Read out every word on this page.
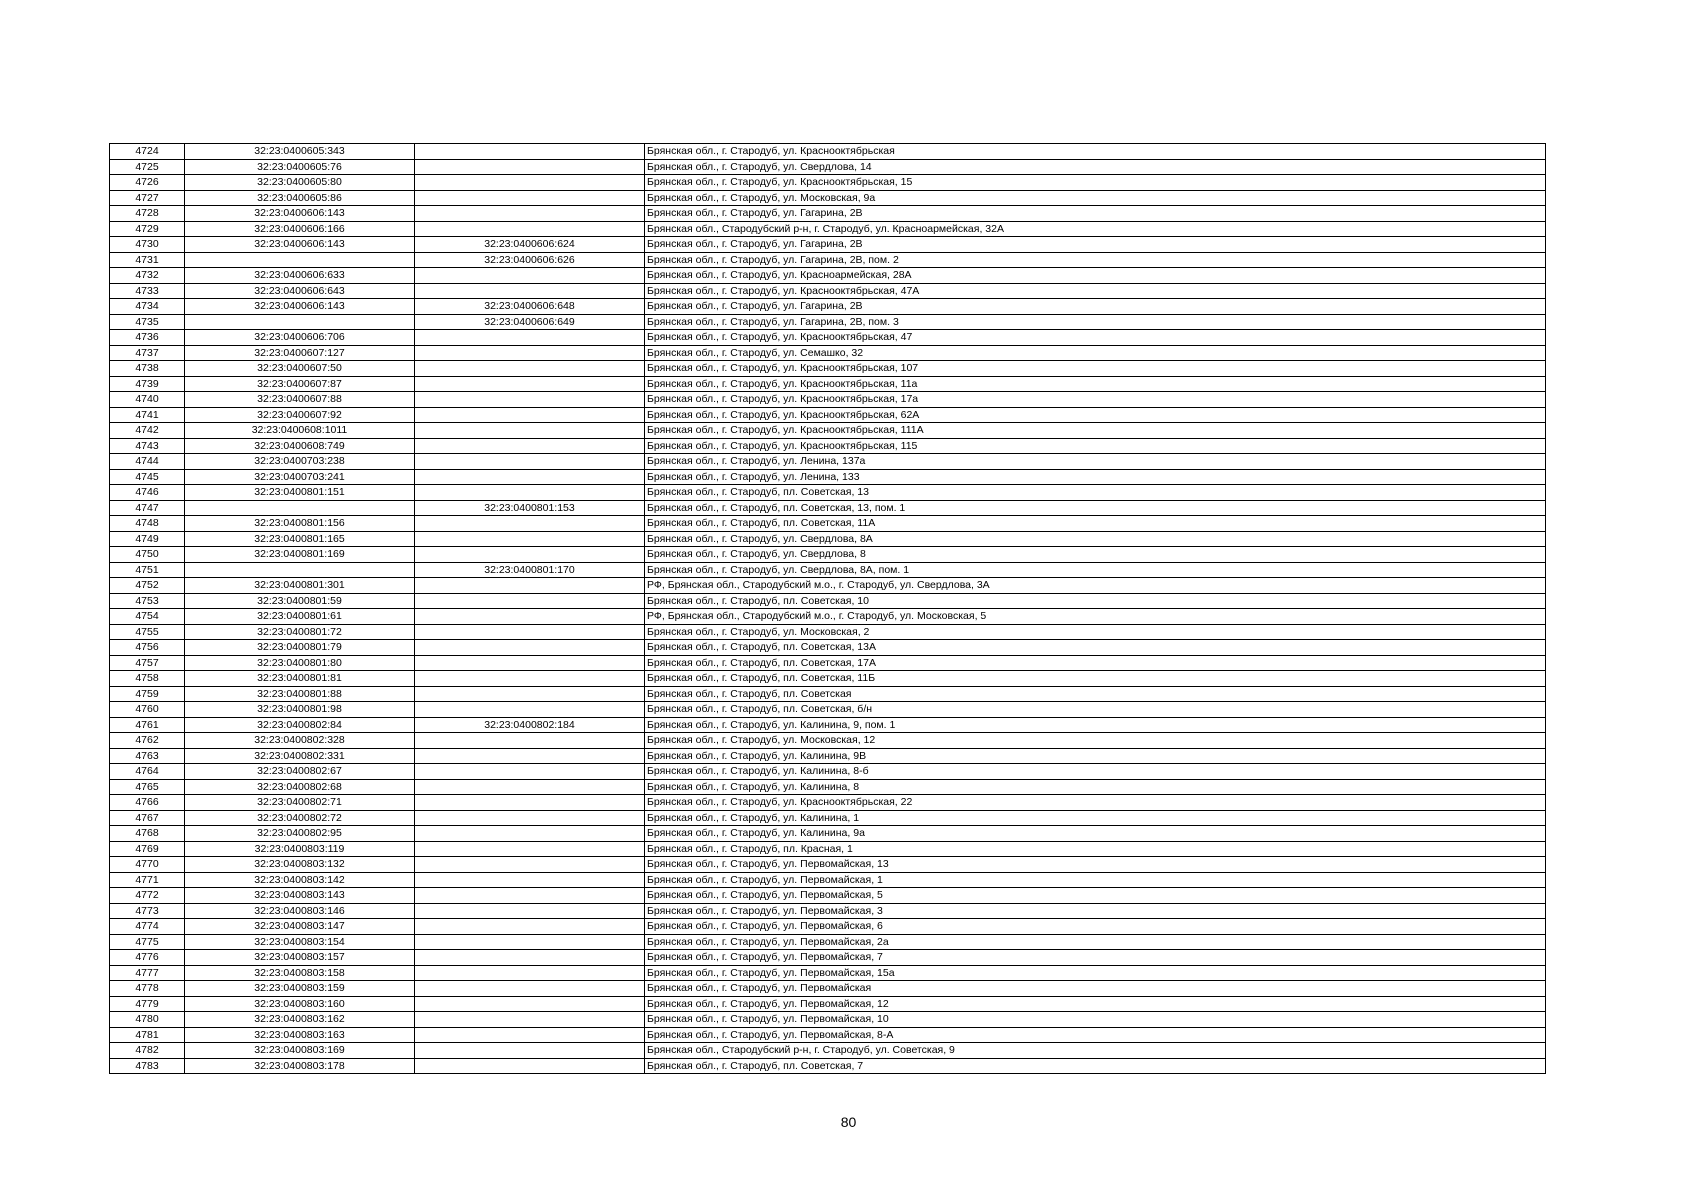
4724	32:23:0400605:343		Брянская обл., г. Стародуб, ул. Краснооктябрьская
4725	32:23:0400605:76		Брянская обл., г. Стародуб, ул. Свердлова, 14
4726	32:23:0400605:80		Брянская обл., г. Стародуб, ул. Краснооктябрьская, 15
4727	32:23:0400605:86		Брянская обл., г. Стародуб, ул. Московская, 9а
4728	32:23:0400606:143		Брянская обл., г. Стародуб, ул. Гагарина, 2В
4729	32:23:0400606:166		Брянская обл., Стародубский р-н, г. Стародуб, ул. Красноармейская, 32А
4730	32:23:0400606:143	32:23:0400606:624	Брянская обл., г. Стародуб, ул. Гагарина, 2В
4731		32:23:0400606:626	Брянская обл., г. Стародуб, ул. Гагарина, 2В, пом. 2
4732	32:23:0400606:633		Брянская обл., г. Стародуб, ул. Красноармейская, 28А
4733	32:23:0400606:643		Брянская обл., г. Стародуб, ул. Краснооктябрьская, 47А
4734	32:23:0400606:143	32:23:0400606:648	Брянская обл., г. Стародуб, ул. Гагарина, 2В
4735		32:23:0400606:649	Брянская обл., г. Стародуб, ул. Гагарина, 2В, пом. 3
4736	32:23:0400606:706		Брянская обл., г. Стародуб, ул. Краснооктябрьская, 47
4737	32:23:0400607:127		Брянская обл., г. Стародуб, ул. Семашко, 32
4738	32:23:0400607:50		Брянская обл., г. Стародуб, ул. Краснооктябрьская, 107
4739	32:23:0400607:87		Брянская обл., г. Стародуб, ул. Краснооктябрьская, 11а
4740	32:23:0400607:88		Брянская обл., г. Стародуб, ул. Краснооктябрьская, 17а
4741	32:23:0400607:92		Брянская обл., г. Стародуб, ул. Краснооктябрьская, 62А
4742	32:23:0400608:1011		Брянская обл., г. Стародуб, ул. Краснооктябрьская, 111А
4743	32:23:0400608:749		Брянская обл., г. Стародуб, ул. Краснооктябрьская, 115
4744	32:23:0400703:238		Брянская обл., г. Стародуб, ул. Ленина, 137а
4745	32:23:0400703:241		Брянская обл., г. Стародуб, ул. Ленина, 133
4746	32:23:0400801:151		Брянская обл., г. Стародуб, пл. Советская, 13
4747		32:23:0400801:153	Брянская обл., г. Стародуб, пл. Советская, 13, пом. 1
4748	32:23:0400801:156		Брянская обл., г. Стародуб, пл. Советская, 11А
4749	32:23:0400801:165		Брянская обл., г. Стародуб, ул. Свердлова, 8А
4750	32:23:0400801:169		Брянская обл., г. Стародуб, ул. Свердлова, 8
4751		32:23:0400801:170	Брянская обл., г. Стародуб, ул. Свердлова, 8А, пом. 1
4752	32:23:0400801:301		РФ, Брянская обл., Стародубский м.о., г. Стародуб, ул. Свердлова, 3А
4753	32:23:0400801:59		Брянская обл., г. Стародуб, пл. Советская, 10
4754	32:23:0400801:61		РФ, Брянская обл., Стародубский м.о., г. Стародуб, ул. Московская, 5
4755	32:23:0400801:72		Брянская обл., г. Стародуб, ул. Московская, 2
4756	32:23:0400801:79		Брянская обл., г. Стародуб, пл. Советская, 13А
4757	32:23:0400801:80		Брянская обл., г. Стародуб, пл. Советская, 17А
4758	32:23:0400801:81		Брянская обл., г. Стародуб, пл. Советская, 11Б
4759	32:23:0400801:88		Брянская обл., г. Стародуб, пл. Советская
4760	32:23:0400801:98		Брянская обл., г. Стародуб, пл. Советская, б/н
4761	32:23:0400802:84	32:23:0400802:184	Брянская обл., г. Стародуб, ул. Калинина, 9, пом. 1
4762	32:23:0400802:328		Брянская обл., г. Стародуб, ул. Московская, 12
4763	32:23:0400802:331		Брянская обл., г. Стародуб, ул. Калинина, 9В
4764	32:23:0400802:67		Брянская обл., г. Стародуб, ул. Калинина, 8-б
4765	32:23:0400802:68		Брянская обл., г. Стародуб, ул. Калинина, 8
4766	32:23:0400802:71		Брянская обл., г. Стародуб, ул. Краснооктябрьская, 22
4767	32:23:0400802:72		Брянская обл., г. Стародуб, ул. Калинина, 1
4768	32:23:0400802:95		Брянская обл., г. Стародуб, ул. Калинина, 9а
4769	32:23:0400803:119		Брянская обл., г. Стародуб, пл. Красная, 1
4770	32:23:0400803:132		Брянская обл., г. Стародуб, ул. Первомайская, 13
4771	32:23:0400803:142		Брянская обл., г. Стародуб, ул. Первомайская, 1
4772	32:23:0400803:143		Брянская обл., г. Стародуб, ул. Первомайская, 5
4773	32:23:0400803:146		Брянская обл., г. Стародуб, ул. Первомайская, 3
4774	32:23:0400803:147		Брянская обл., г. Стародуб, ул. Первомайская, 6
4775	32:23:0400803:154		Брянская обл., г. Стародуб, ул. Первомайская, 2а
4776	32:23:0400803:157		Брянская обл., г. Стародуб, ул. Первомайская, 7
4777	32:23:0400803:158		Брянская обл., г. Стародуб, ул. Первомайская, 15а
4778	32:23:0400803:159		Брянская обл., г. Стародуб, ул. Первомайская
4779	32:23:0400803:160		Брянская обл., г. Стародуб, ул. Первомайская, 12
4780	32:23:0400803:162		Брянская обл., г. Стародуб, ул. Первомайская, 10
4781	32:23:0400803:163		Брянская обл., г. Стародуб, ул. Первомайская, 8-А
4782	32:23:0400803:169		Брянская обл., Стародубский р-н, г. Стародуб, ул. Советская, 9
4783	32:23:0400803:178		Брянская обл., г. Стародуб, пл. Советская, 7
80
